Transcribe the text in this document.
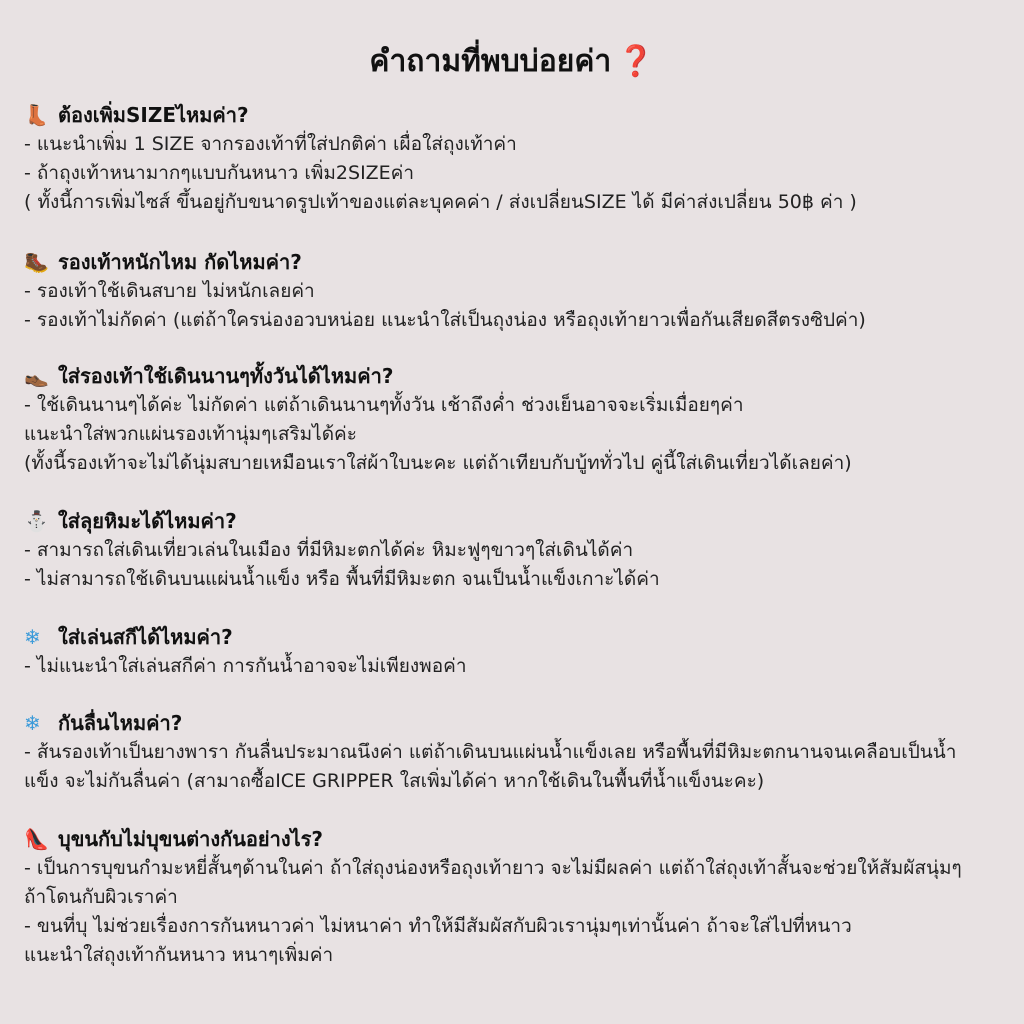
คำถามที่พบบ่อยค่า ❓
👢 ต้องเพิ่มSIZEไหมค่า?
- แนะนำเพิ่ม 1 SIZE จากรองเท้าที่ใส่ปกติค่า เผื่อใส่ถุงเท้าค่า
- ถ้าถุงเท้าหนามากๆแบบกันหนาว เพิ่ม2SIZEค่า
( ทั้งนี้การเพิ่มไซส์ ขึ้นอยู่กับขนาดรูปเท้าของแต่ละบุคคค่า / ส่งเปลี่ยนSIZE ได้ มีค่าส่งเปลี่ยน 50฿ ค่า )
🥾 รองเท้าหนักไหม กัดไหมค่า?
- รองเท้าใช้เดินสบาย ไม่หนักเลยค่า
- รองเท้าไม่กัดค่า (แต่ถ้าใครน่องอวบหน่อย แนะนำใส่เป็นถุงน่อง หรือถุงเท้ายาวเพื่อกันเสียดสีตรงซิปค่า)
👞 ใส่รองเท้าใช้เดินนานๆทั้งวันได้ไหมค่า?
- ใช้เดินนานๆได้ค่ะ ไม่กัดค่า แต่ถ้าเดินนานๆทั้งวัน เช้าถึงค่ำ ช่วงเย็นอาจจะเริ่มเมื่อยๆค่า
แนะนำใส่พวกแผ่นรองเท้านุ่มๆเสริมได้ค่ะ
(ทั้งนี้รองเท้าจะไม่ได้นุ่มสบายเหมือนเราใส่ผ้าใบนะคะ แต่ถ้าเทียบกับบู้ททั่วไป คู่นี้ใส่เดินเที่ยวได้เลยค่า)
⛄ ใส่ลุยหิมะได้ไหมค่า?
- สามารถใส่เดินเที่ยวเล่นในเมือง ที่มีหิมะตกได้ค่ะ หิมะฟูๆขาวๆใส่เดินได้ค่า
- ไม่สามารถใช้เดินบนแผ่นน้ำแข็ง หรือ พื้นที่มีหิมะตก จนเป็นน้ำแข็งเกาะได้ค่า
❄ ใส่เล่นสกีได้ไหมค่า?
- ไม่แนะนำใส่เล่นสกีค่า การกันน้ำอาจจะไม่เพียงพอค่า
❄ กันลื่นไหมค่า?
- ส้นรองเท้าเป็นยางพารา กันลื่นประมาณนึงค่า แต่ถ้าเดินบนแผ่นน้ำแข็งเลย หรือพื้นที่มีหิมะตกนานจนเคลือบเป็นน้ำ
แข็ง จะไม่กันลื่นค่า (สามาถซื้อICE GRIPPER ใสเพิ่มได้ค่า หากใช้เดินในพื้นที่น้ำแข็งนะคะ)
👠 บุขนกับไม่บุขนต่างกันอย่างไร?
- เป็นการบุขนกำมะหยี่สั้นๆด้านในค่า ถ้าใส่ถุงน่องหรือถุงเท้ายาว จะไม่มีผลค่า แต่ถ้าใส่ถุงเท้าสั้นจะช่วยให้สัมผัสนุ่มๆ
ถ้าโดนกับผิวเราค่า
- ขนที่บุ ไม่ช่วยเรื่องการกันหนาวค่า ไม่หนาค่า ทำให้มีสัมผัสกับผิวเรานุ่มๆเท่านั้นค่า ถ้าจะใส่ไปที่หนาว
แนะนำใส่ถุงเท้ากันหนาว หนาๆเพิ่มค่า
